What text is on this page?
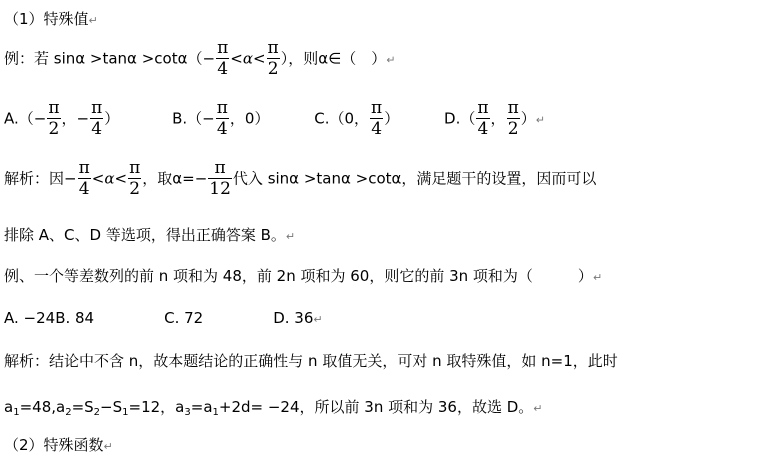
（1）特殊值↵
例：若 $\sin\alpha >\tan\alpha >\cot\alpha(- \frac{\pi}{4} <\alpha< \frac{\pi}{2}$ ），则α∈（　）↵
$A.(- \frac{\pi}{2}$ ，− $\frac{\pi}{4}$ ）	$B.(- \frac{\pi}{4}$ ，0）	C.（0， $\frac{\pi}{4}$ ）	$D.( \frac{\pi}{4}$ ， $\frac{\pi}{2}$ ）↵
解析：因− $\frac{\pi}{4} <\alpha< \frac{\pi}{2}$ ，取$\alpha=- \frac{\pi}{12}$ 代入 sinα >tanα >cotα，满足题干的设置，因而可以
排除 A、C、D 等选项，得出正确答案 B。↵
例、一个等差数列的前 n 项和为 48，前 2n 项和为 60，则它的前 3n 项和为（　　　）↵
A. −24B. 84	C. 72	D. 36↵
解析：结论中不含 n，故本题结论的正确性与 n 取值无关，可对 n 取特殊值，如 n=1，此时
$a_1=48,a_2=S_2-S_1=12$，$a_3=a_1+2d= -24$，所以前 3n 项和为 36，故选 D。↵
（2）特殊函数↵
